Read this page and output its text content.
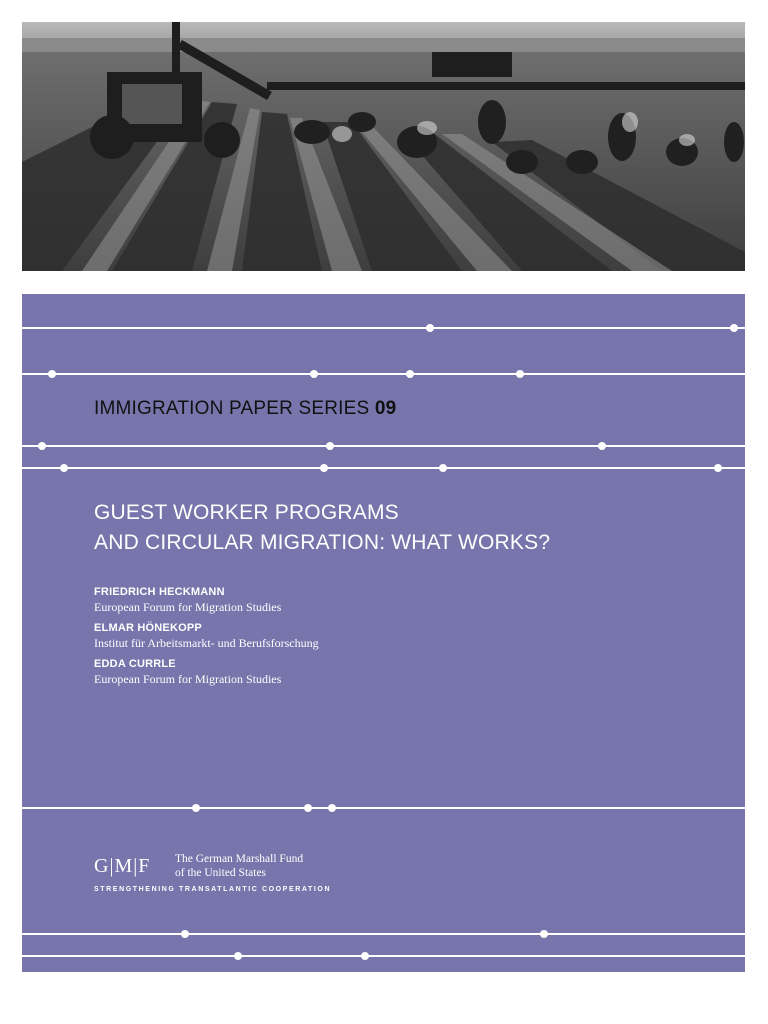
IMMIGRATION PAPER SERIES 09
GUEST WORKER PROGRAMS
AND CIRCULAR MIGRATION: WHAT WORKS?
FRIEDRICH HECKMANN
European Forum for Migration Studies
ELMAR HÖNEKOPP
Institut für Arbeitsmarkt- und Berufsforschung
EDDA CURRLE
European Forum for Migration Studies
G|M|F The German Marshall Fund
of the United States
STRENGTHENING TRANSATLANTIC COOPERATION
